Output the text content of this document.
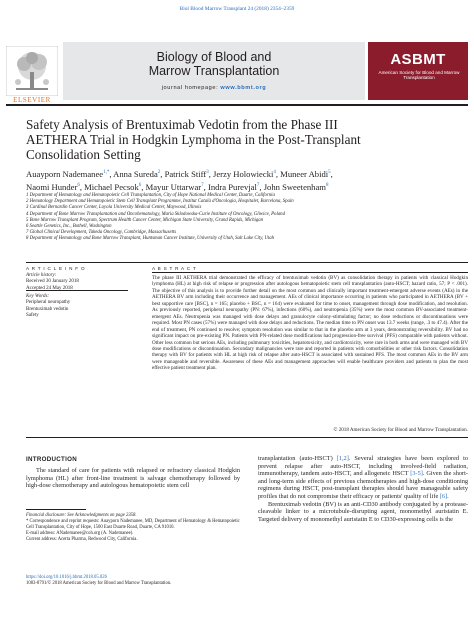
Biol Blood Marrow Transplant 24 (2018) 2354–2359
ELSEVIER
Biology of Blood and
Marrow Transplantation
journal homepage: www.bbmt.org
ASBMT
American Society for Blood and Marrow Transplantation
Safety Analysis of Brentuximab Vedotin from the Phase III
AETHERA Trial in Hodgkin Lymphoma in the Post-Transplant
Consolidation Setting
Auayporn Nademanee$^{1,*}$, Anna Sureda$^2$, Patrick Stiff$^3$, Jerzy Holowiecki$^4$, Muneer Abidi$^5$,
Naomi Hunder$^6$, Michael Pecsok$^6$, Mayur Uttarwar$^7$, Indra Purevjal$^7$, John Sweetenham$^8$

1 Department of Hematology and Hematopoietic Cell Transplantation, City of Hope National Medical Center, Duarte, California

2 Hematology Department and Hematopoietic Stem Cell Transplant Programme, Institut Català d'Oncologia, Hospitalet, Barcelona, Spain

3 Cardinal Bernardin Cancer Center, Loyola University Medical Center, Maywood, Illinois

4 Department of Bone Marrow Transplantation and Oncohematology, Maria Sklodowska-Curie Institute of Oncology, Gliwice, Poland

5 Bone Marrow Transplant Program, Spectrum Health Cancer Center, Michigan State University, Grand Rapids, Michigan

6 Seattle Genetics, Inc., Bothell, Washington

7 Global Clinical Development, Takeda Oncology, Cambridge, Massachusetts

8 Department of Hematology and Bone Marrow Transplant, Huntsman Cancer Institute, University of Utah, Salt Lake City, Utah

A R T I C L E I N F O
Article history:
Received 30 January 2018
Accepted 24 May 2018
Key Words:
Peripheral neuropathy
Brentuximab vedotin
Safety
A B S T R A C T
The phase III AETHERA trial demonstrated the efficacy of brentuximab vedotin (BV) as consolidation therapy in patients with classical Hodgkin lymphoma (HL) at high risk of relapse or progression after autologous hematopoietic stem cell transplantation (auto-HSCT; hazard ratio, 57; P < .001). The objective of this analysis is to provide further detail on the most common and clinically important treatment-emergent adverse events (AEs) in the AETHERA BV arm including their occurrence and management. AEs of clinical importance occurring in patients who participated in AETHERA (BV + best supportive care [BSC], n = 165; placebo + BSC, n = 164) were evaluated for time to onset, management through dose modification, and resolution. As previously reported, peripheral neuropathy (PN: 67%), infections (60%), and neutropenia (35%) were the most common BV-associated treatment-emergent AEs. Neutropenia was managed with dose delays and granulocyte colony-stimulating factor; no dose reductions or discontinuations were required. Most PN cases (57%) were managed with dose delays and reductions. The median time to PN onset was 13.7 weeks (range, .3 to 47.4). After the end of treatment, PN continued to resolve; symptom resolution was similar to that in the placebo arm at 3 years, demonstrating reversibility. BV had no significant impact on pre-existing PN. Patients with PN-related dose modifications had progression-free survival (PFS) comparable with patients without. Other less common but serious AEs, including pulmonary toxicities, hepatotoxicity, and cardiotoxicity, were rare in both arms and were managed with BV dose modifications or discontinuation. Secondary malignancies were rare and reported in patients with comorbidities or other risk factors. Consolidation therapy with BV for patients with HL at high risk of relapse after auto-HSCT is associated with sustained PFS. The most common AEs in the BV arm were manageable and reversible. Awareness of these AEs and management approaches will enable healthcare providers and patients to plan the most effective patient treatment plan.
© 2018 American Society for Blood and Marrow Transplantation.
INTRODUCTION
The standard of care for patients with relapsed or refractory classical Hodgkin lymphoma (HL) after front-line treatment is salvage chemotherapy followed by high-dose chemotherapy and autologous hematopoietic stem cell

transplantation (auto-HSCT) [1,2]. Several strategies have been explored to prevent relapse after auto-HSCT, including involved-field radiation, immunotherapy, tandem auto-HSCT, and allogeneic HSCT [3-5]. Given the short- and long-term side effects of previous chemotherapies and high-dose conditioning regimens during HSCT, post-transplant therapies should have manageable safety profiles that do not compromise their efficacy or patients' quality of life [6].

Brentuximab vedotin (BV) is an anti-CD30 antibody conjugated by a protease-cleavable linker to a microtubule-disrupting agent, monomethyl auristatin E. Targeted delivery of monomethyl auristatin E to CD30-expressing cells is the

Financial disclosure: See Acknowledgments on page 2358.

* Correspondence and reprint requests: Auayporn Nademanee, MD, Department of Hematology & Hematopoietic Cell Transplantation, City of Hope, 1500 East Duarte Road, Duarte, CA 91010.

E-mail address: ANademanee@coh.org (A. Nademanee).

Current address: Acerta Pharma, Redwood City, California.

https://doi.org/10.1016/j.bbmt.2018.05.026

1083-8791/© 2018 American Society for Blood and Marrow Transplantation.
